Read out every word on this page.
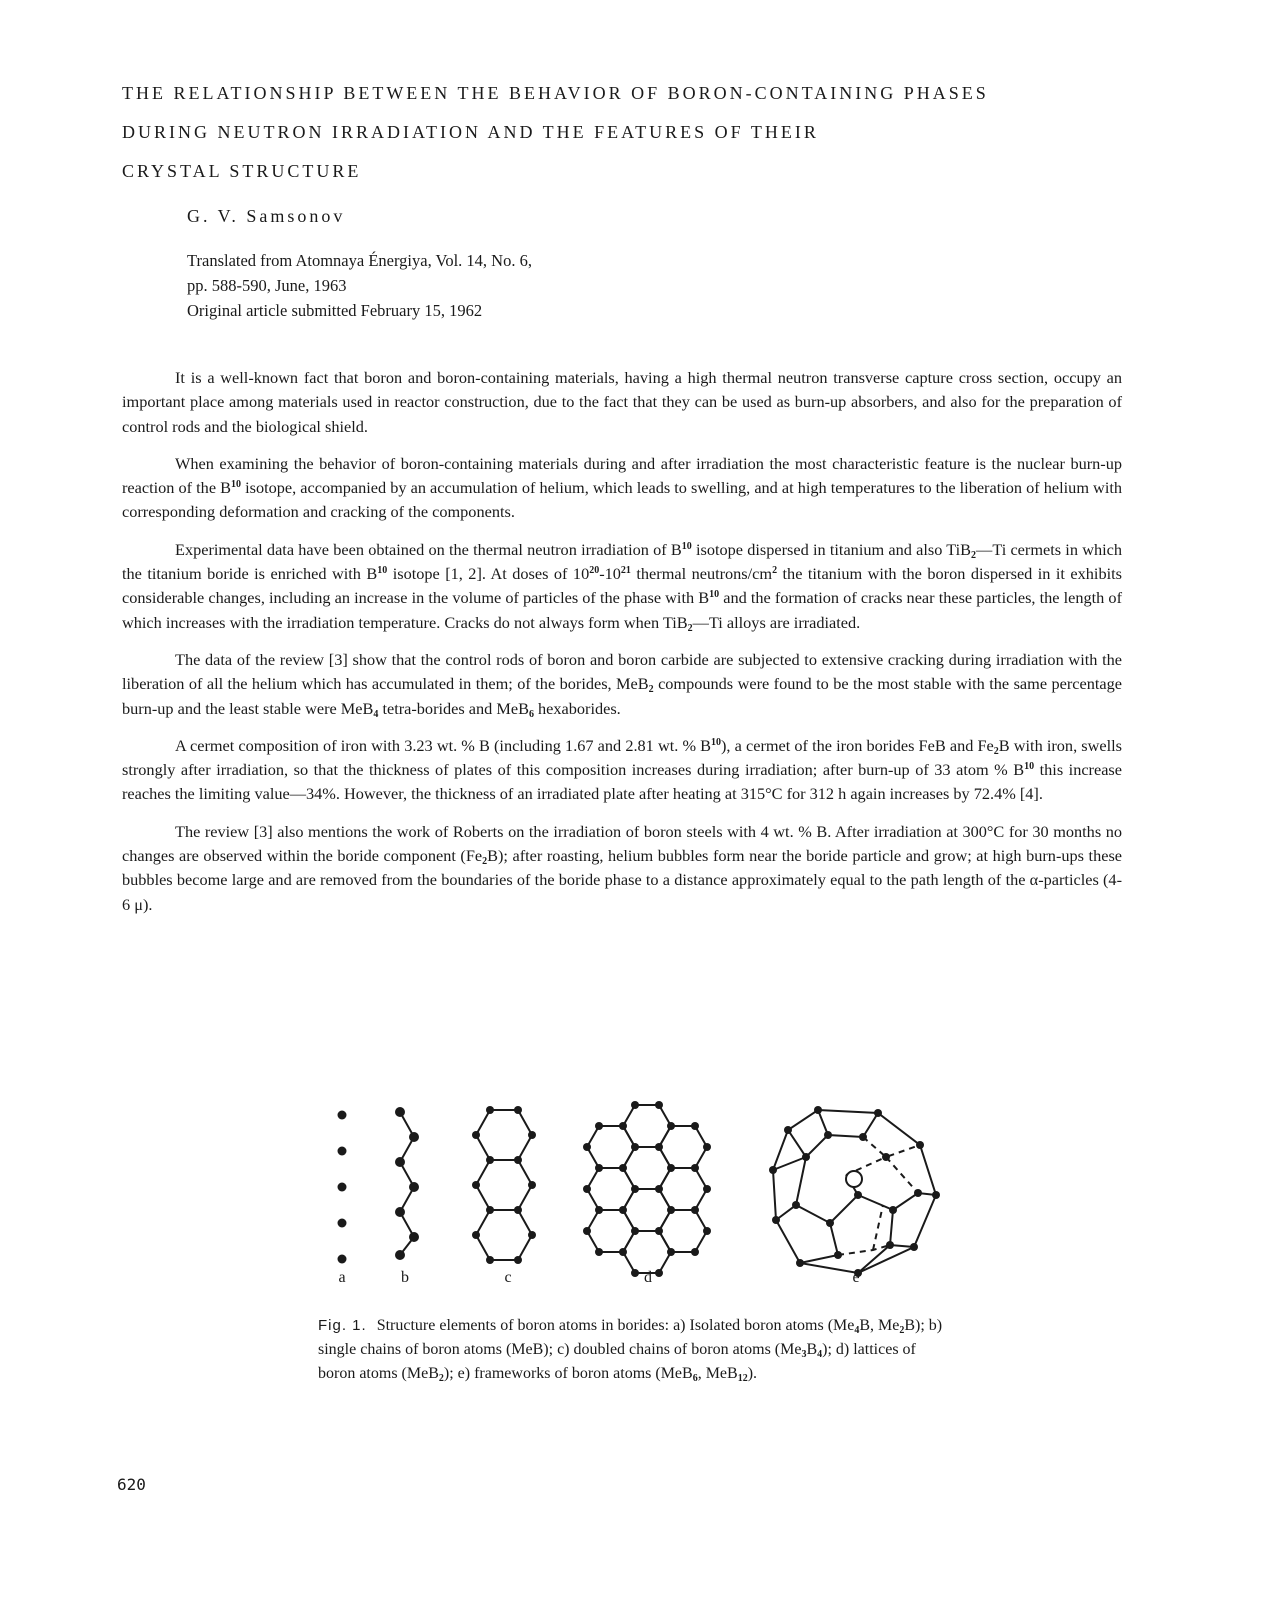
THE RELATIONSHIP BETWEEN THE BEHAVIOR OF BORON-CONTAINING PHASES
DURING NEUTRON IRRADIATION AND THE FEATURES OF THEIR
CRYSTAL STRUCTURE

G. V. Samsonov

Translated from Atomnaya Énergiya, Vol. 14, No. 6,
pp. 588-590, June, 1963
Original article submitted February 15, 1962

It is a well-known fact that boron and boron-containing materials, having a high thermal neutron transverse capture cross section, occupy an important place among materials used in reactor construction, due to the fact that they can be used as burn-up absorbers, and also for the preparation of control rods and the biological shield.

When examining the behavior of boron-containing materials during and after irradiation the most characteristic feature is the nuclear burn-up reaction of the $B^{10}$ isotope, accompanied by an accumulation of helium, which leads to swelling, and at high temperatures to the liberation of helium with corresponding deformation and cracking of the components.

Experimental data have been obtained on the thermal neutron irradiation of $B^{10}$ isotope dispersed in titanium and also TiB$_2$—Ti cermets in which the titanium boride is enriched with $B^{10}$ isotope [1, 2]. At doses of $10^{20}-10^{21}$ thermal neutrons/$cm^2$ the titanium with the boron dispersed in it exhibits considerable changes, including an increase in the volume of particles of the phase with $B^{10}$ and the formation of cracks near these particles, the length of which increases with the irradiation temperature. Cracks do not always form when TiB$_2$—Ti alloys are irradiated.

The data of the review [3] show that the control rods of boron and boron carbide are subjected to extensive cracking during irradiation with the liberation of all the helium which has accumulated in them; of the borides, MeB$_2$ compounds were found to be the most stable with the same percentage burn-up and the least stable were MeB$_4$ tetra-borides and MeB$_6$ hexaborides.

A cermet composition of iron with 3.23 wt. % B (including 1.67 and 2.81 wt. % $B^{10}$), a cermet of the iron borides FeB and $Fe_2B$ with iron, swells strongly after irradiation, so that the thickness of plates of this composition increases during irradiation; after burn-up of 33 atom % $B^{10}$ this increase reaches the limiting value—34%. However, the thickness of an irradiated plate after heating at 315°C for 312 h again increases by 72.4% [4].

The review [3] also mentions the work of Roberts on the irradiation of boron steels with 4 wt. % B. After irradiation at 300°C for 30 months no changes are observed within the boride component $(Fe_2B)$; after roasting, helium bubbles form near the boride particle and grow; at high burn-ups these bubbles become large and are removed from the boundaries of the boride phase to a distance approximately equal to the path length of the α-particles (4-6 μ).

a	b	c	d	e
Fig. 1. Structure elements of boron atoms in borides: a) Isolated boron atoms ($Me_4B$, $Me_2B$); b) single chains of boron atoms (MeB); c) doubled chains of boron atoms $(Me_3B_4)$; d) lattices of boron atoms (MeB$_2$); e) frameworks of boron atoms (MeB$_6$, MeB$_{12}$).
620
